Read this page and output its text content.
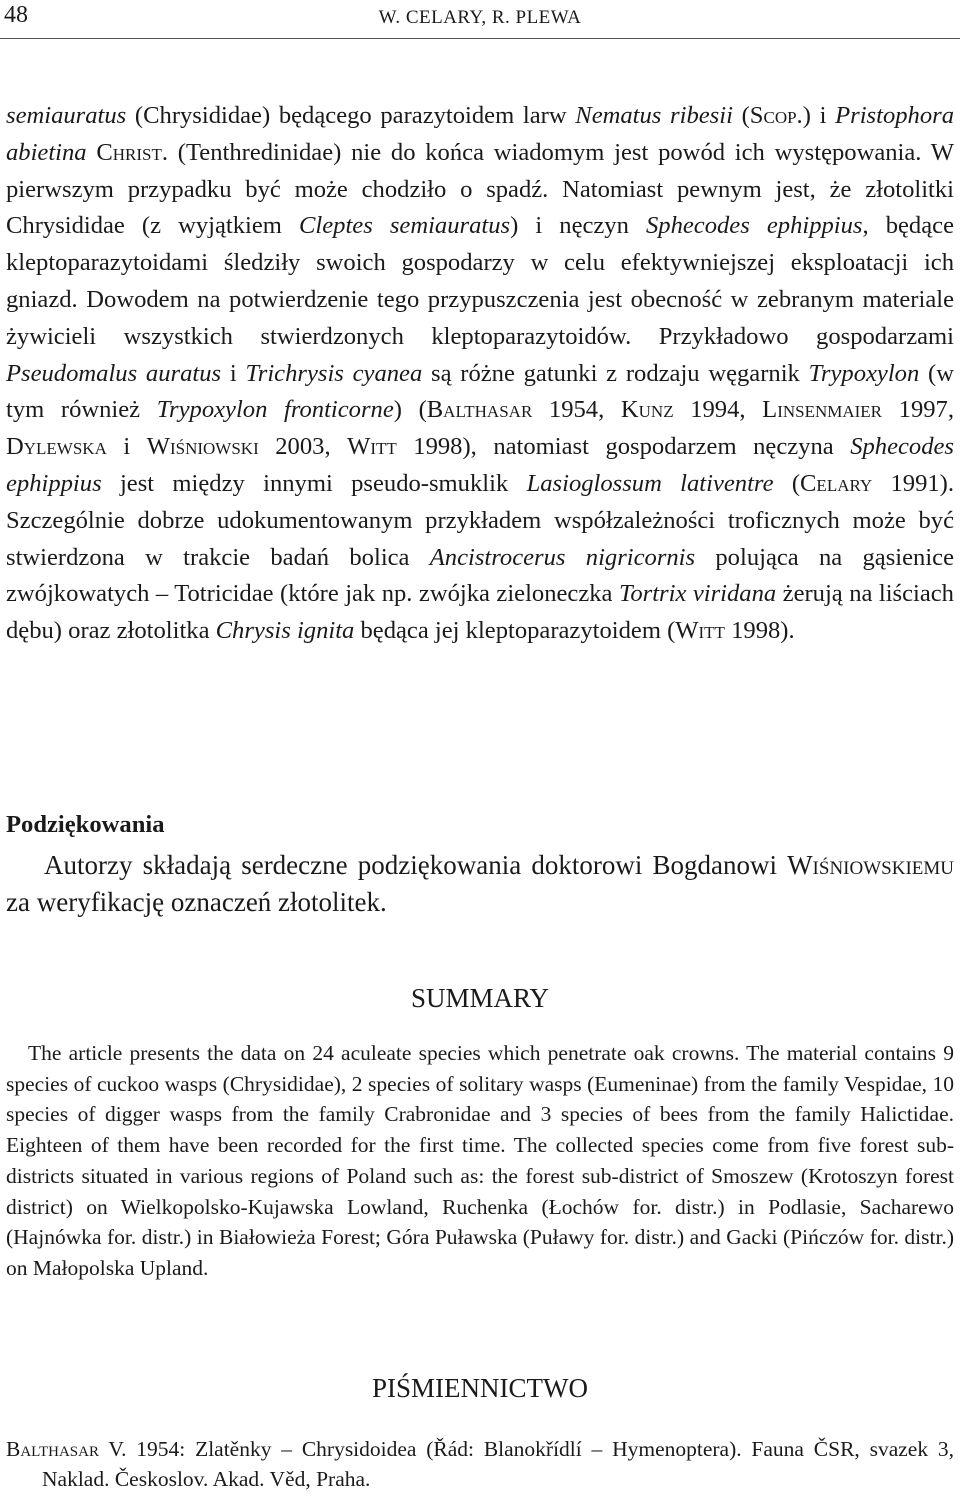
48	W. CELARY, R. PLEWA

semiauratus (Chrysididae) będącego parazytoidem larw Nematus ribesii (Scop.) i Pristophora abietina Christ. (Tenthredinidae) nie do końca wiadomym jest powód ich występowania. W pierwszym przypadku być może chodziło o spadź. Natomiast pewnym jest, że złotolitki Chrysididae (z wyjątkiem Cleptes semiauratus) i nęczyn Sphecodes ephippius, będące kleptoparazytoidami śledziły swoich gospodarzy w celu efektywniejszej eksploatacji ich gniazd. Dowodem na potwierdzenie tego przypuszczenia jest obecność w zebranym materiale żywicieli wszystkich stwierdzonych kleptoparazytoidów. Przykładowo gospodarzami Pseudomalus auratus i Trichrysis cyanea są różne gatunki z rodzaju węgarnik Trypoxylon (w tym również Trypoxylon fronticorne) (Balthasar 1954, Kunz 1994, Linsenmaier 1997, Dylewska i Wiśniowski 2003, Witt 1998), natomiast gospodarzem nęczyna Sphecodes ephippius jest między innymi pseudo-smuklik Lasioglossum lativentre (Celary 1991). Szczególnie dobrze udokumentowanym przykładem współzależności troficznych może być stwierdzona w trakcie badań bolica Ancistrocerus nigricornis polująca na gąsienice zwójkowatych – Totricidae (które jak np. zwójka zieloneczka Tortrix viridana żerują na liściach dębu) oraz złotolitka Chrysis ignita będąca jej kleptoparazytoidem (Witt 1998).

Podziękowania
Autorzy składają serdeczne podziękowania doktorowi Bogdanowi Wiśniowskiemu za weryfikację oznaczeń złotolitek.
SUMMARY
The article presents the data on 24 aculeate species which penetrate oak crowns. The material contains 9 species of cuckoo wasps (Chrysididae), 2 species of solitary wasps (Eumeninae) from the family Vespidae, 10 species of digger wasps from the family Crabronidae and 3 species of bees from the family Halictidae. Eighteen of them have been recorded for the first time. The collected species come from five forest sub-districts situated in various regions of Poland such as: the forest sub-district of Smoszew (Krotoszyn forest district) on Wielkopolsko-Kujawska Lowland, Ruchenka (Łochów for. distr.) in Podlasie, Sacharewo (Hajnówka for. distr.) in Białowieża Forest; Góra Puławska (Puławy for. distr.) and Gacki (Pińczów for. distr.) on Małopolska Upland.
PIŚMIENNICTWO
Balthasar V. 1954: Zlatěnky – Chrysidoidea (Řád: Blanokřídlí – Hymenoptera). Fauna ČSR, svazek 3, Naklad. Českoslov. Akad. Věd, Praha.
